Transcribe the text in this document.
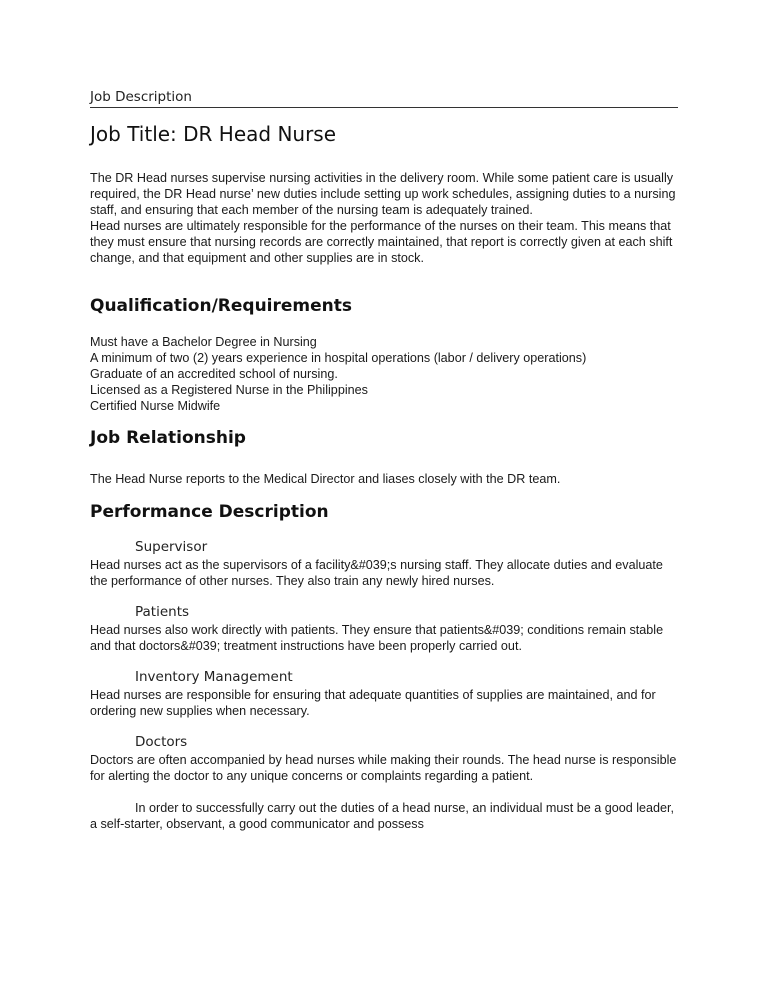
Job Description
Job Title: DR Head Nurse

The DR Head nurses supervise nursing activities in the delivery room. While some patient care is usually required, the DR Head nurse’ new duties include setting up work schedules, assigning duties to a nursing staff, and ensuring that each member of the nursing team is adequately trained.

Head nurses are ultimately responsible for the performance of the nurses on their team. This means that they must ensure that nursing records are correctly maintained, that report is correctly given at each shift change, and that equipment and other supplies are in stock.

Qualification/Requirements
Must have a Bachelor Degree in Nursing
A minimum of two (2) years experience in hospital operations (labor / delivery operations)
Graduate of an accredited school of nursing.
Licensed as a Registered Nurse in the Philippines
Certified Nurse Midwife
Job Relationship
The Head Nurse reports to the Medical Director and liases closely with the DR team.
Performance Description
Supervisor
Head nurses act as the supervisors of a facility&#039;s nursing staff. They allocate duties and evaluate the performance of other nurses. They also train any newly hired nurses.
Patients
Head nurses also work directly with patients. They ensure that patients&#039; conditions remain stable and that doctors&#039; treatment instructions have been properly carried out.
Inventory Management
Head nurses are responsible for ensuring that adequate quantities of supplies are maintained, and for ordering new supplies when necessary.
Doctors
Doctors are often accompanied by head nurses while making their rounds. The head nurse is responsible for alerting the doctor to any unique concerns or complaints regarding a patient.
In order to successfully carry out the duties of a head nurse, an individual must be a good leader, a self-starter, observant, a good communicator and possess
